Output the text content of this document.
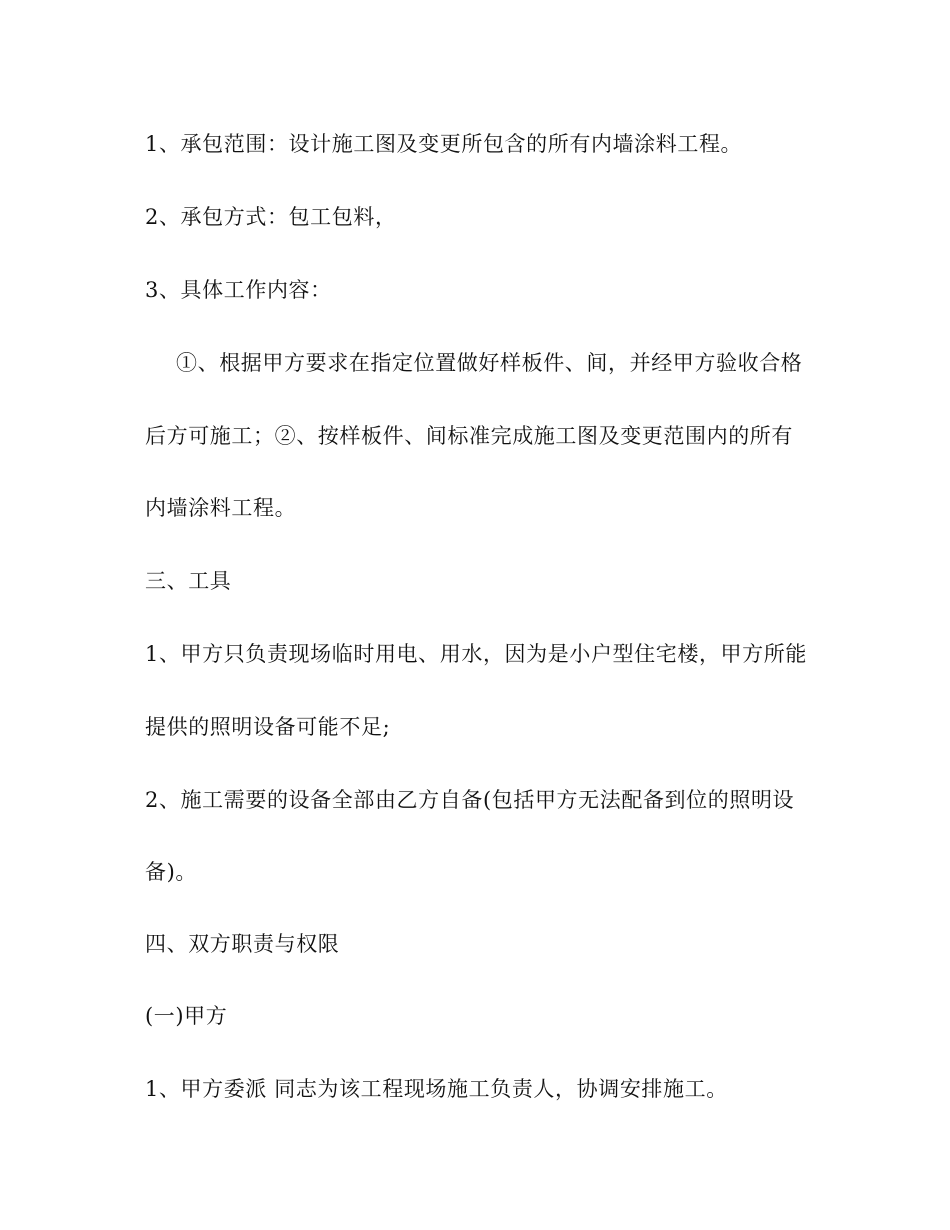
1、承包范围：设计施工图及变更所包含的所有内墙涂料工程。
2、承包方式：包工包料，
3、具体工作内容：
①、根据甲方要求在指定位置做好样板件、间，并经甲方验收合格
后方可施工；②、按样板件、间标准完成施工图及变更范围内的所有
内墙涂料工程。
三、工具
1、甲方只负责现场临时用电、用水，因为是小户型住宅楼，甲方所能
提供的照明设备可能不足;
2、施工需要的设备全部由乙方自备(包括甲方无法配备到位的照明设
备)。
四、双方职责与权限
(一)甲方
1、甲方委派 同志为该工程现场施工负责人，协调安排施工。
